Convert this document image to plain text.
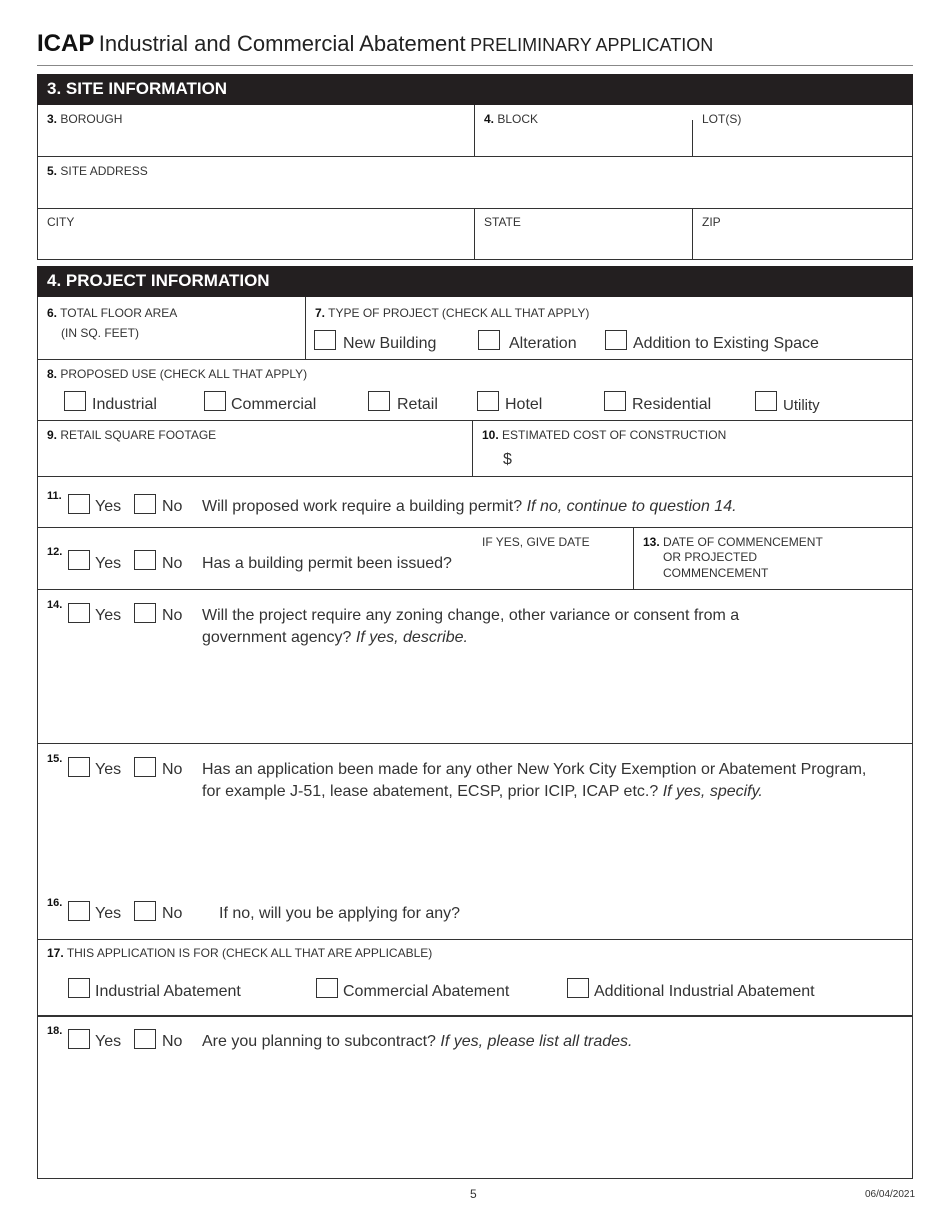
ICAP Industrial and Commercial Abatement PRELIMINARY APPLICATION
3. SITE INFORMATION
3. BOROUGH	4. BLOCK	LOT(S)
5. SITE ADDRESS
CITY	STATE	ZIP
4. PROJECT INFORMATION
6. TOTAL FLOOR AREA
(IN SQ. FEET)
7. TYPE OF PROJECT (CHECK ALL THAT APPLY)
New Building	Alteration	Addition to Existing Space
8. PROPOSED USE (CHECK ALL THAT APPLY)
Industrial	Commercial	Retail	Hotel	Residential	Utility
9. RETAIL SQUARE FOOTAGE	10. ESTIMATED COST OF CONSTRUCTION
$
11.
Yes	No Will proposed work require a building permit? If no, continue to question 14.
12.
Yes	No Has a building permit been issued?
IF YES, GIVE DATE	13. DATE OF COMMENCEMENT
OR PROJECTED
COMMENCEMENT
14.
Yes	No Will the project require any zoning change, other variance or consent from a
government agency? If yes, describe.
15.
Yes	No Has an application been made for any other New York City Exemption or Abatement Program,
for example J-51, lease abatement, ECSP, prior ICIP, ICAP etc.? If yes, specify.
16.
Yes	No If no, will you be applying for any?
17. THIS APPLICATION IS FOR (CHECK ALL THAT ARE APPLICABLE)
Industrial Abatement	Commercial Abatement	Additional Industrial Abatement
18.
Yes	No Are you planning to subcontract? If yes, please list all trades.
5	06/04/2021
